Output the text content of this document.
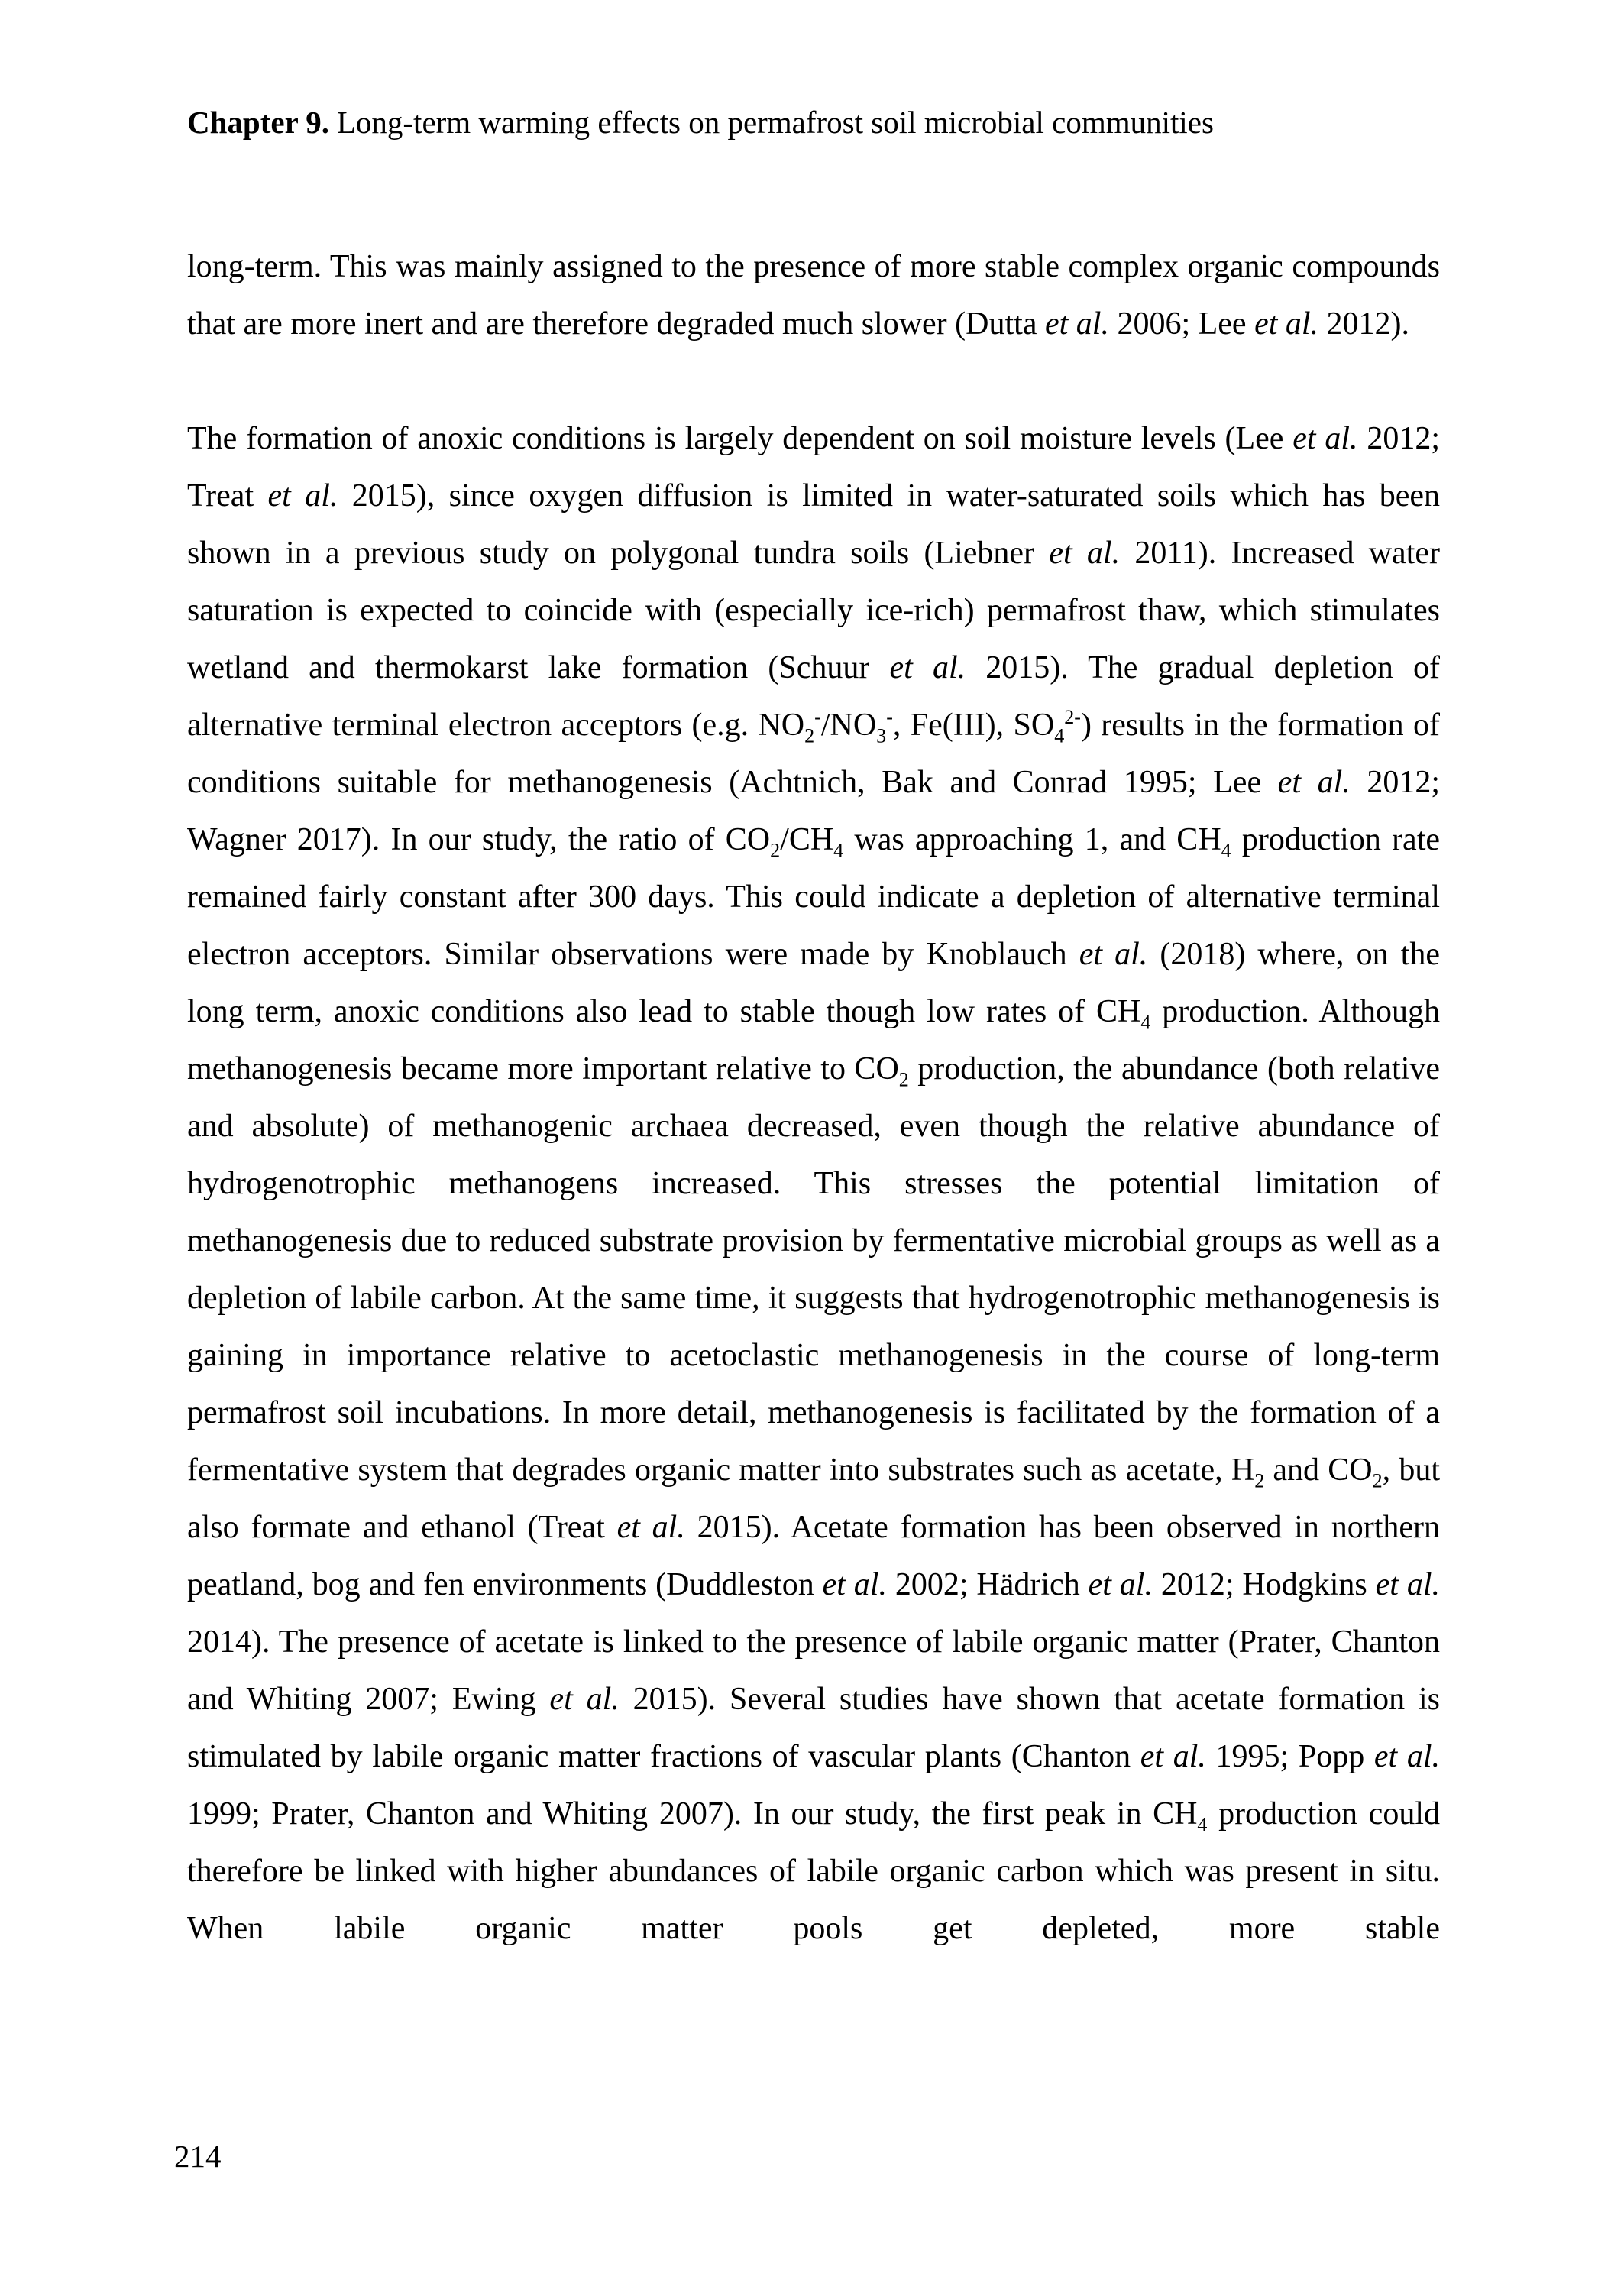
Chapter 9. Long-term warming effects on permafrost soil microbial communities

long-term. This was mainly assigned to the presence of more stable complex organic compounds that are more inert and are therefore degraded much slower (Dutta et al. 2006; Lee et al. 2012).

The formation of anoxic conditions is largely dependent on soil moisture levels (Lee et al. 2012; Treat et al. 2015), since oxygen diffusion is limited in water-saturated soils which has been shown in a previous study on polygonal tundra soils (Liebner et al. 2011). Increased water saturation is expected to coincide with (especially ice-rich) permafrost thaw, which stimulates wetland and thermokarst lake formation (Schuur et al. 2015). The gradual depletion of alternative terminal electron acceptors (e.g. $NO_2^-/NO_3^-$, Fe(III), $SO_4^{2-}$) results in the formation of conditions suitable for methanogenesis (Achtnich, Bak and Conrad 1995; Lee et al. 2012; Wagner 2017). In our study, the ratio of $CO_2/CH_4$ was approaching 1, and $CH_4$ production rate remained fairly constant after 300 days. This could indicate a depletion of alternative terminal electron acceptors. Similar observations were made by Knoblauch et al. (2018) where, on the long term, anoxic conditions also lead to stable though low rates of $CH_4$ production. Although methanogenesis became more important relative to $CO_2$ production, the abundance (both relative and absolute) of methanogenic archaea decreased, even though the relative abundance of hydrogenotrophic methanogens increased. This stresses the potential limitation of methanogenesis due to reduced substrate provision by fermentative microbial groups as well as a depletion of labile carbon. At the same time, it suggests that hydrogenotrophic methanogenesis is gaining in importance relative to acetoclastic methanogenesis in the course of long-term permafrost soil incubations. In more detail, methanogenesis is facilitated by the formation of a fermentative system that degrades organic matter into substrates such as acetate, $H_2$ and $CO_2$, but also formate and ethanol (Treat et al. 2015). Acetate formation has been observed in northern peatland, bog and fen environments (Duddleston et al. 2002; Hädrich et al. 2012; Hodgkins et al. 2014). The presence of acetate is linked to the presence of labile organic matter (Prater, Chanton and Whiting 2007; Ewing et al. 2015). Several studies have shown that acetate formation is stimulated by labile organic matter fractions of vascular plants (Chanton et al. 1995; Popp et al. 1999; Prater, Chanton and Whiting 2007). In our study, the first peak in $CH_4$ production could therefore be linked with higher abundances of labile organic carbon which was present in situ. When labile organic matter pools get depleted, more stable

214
